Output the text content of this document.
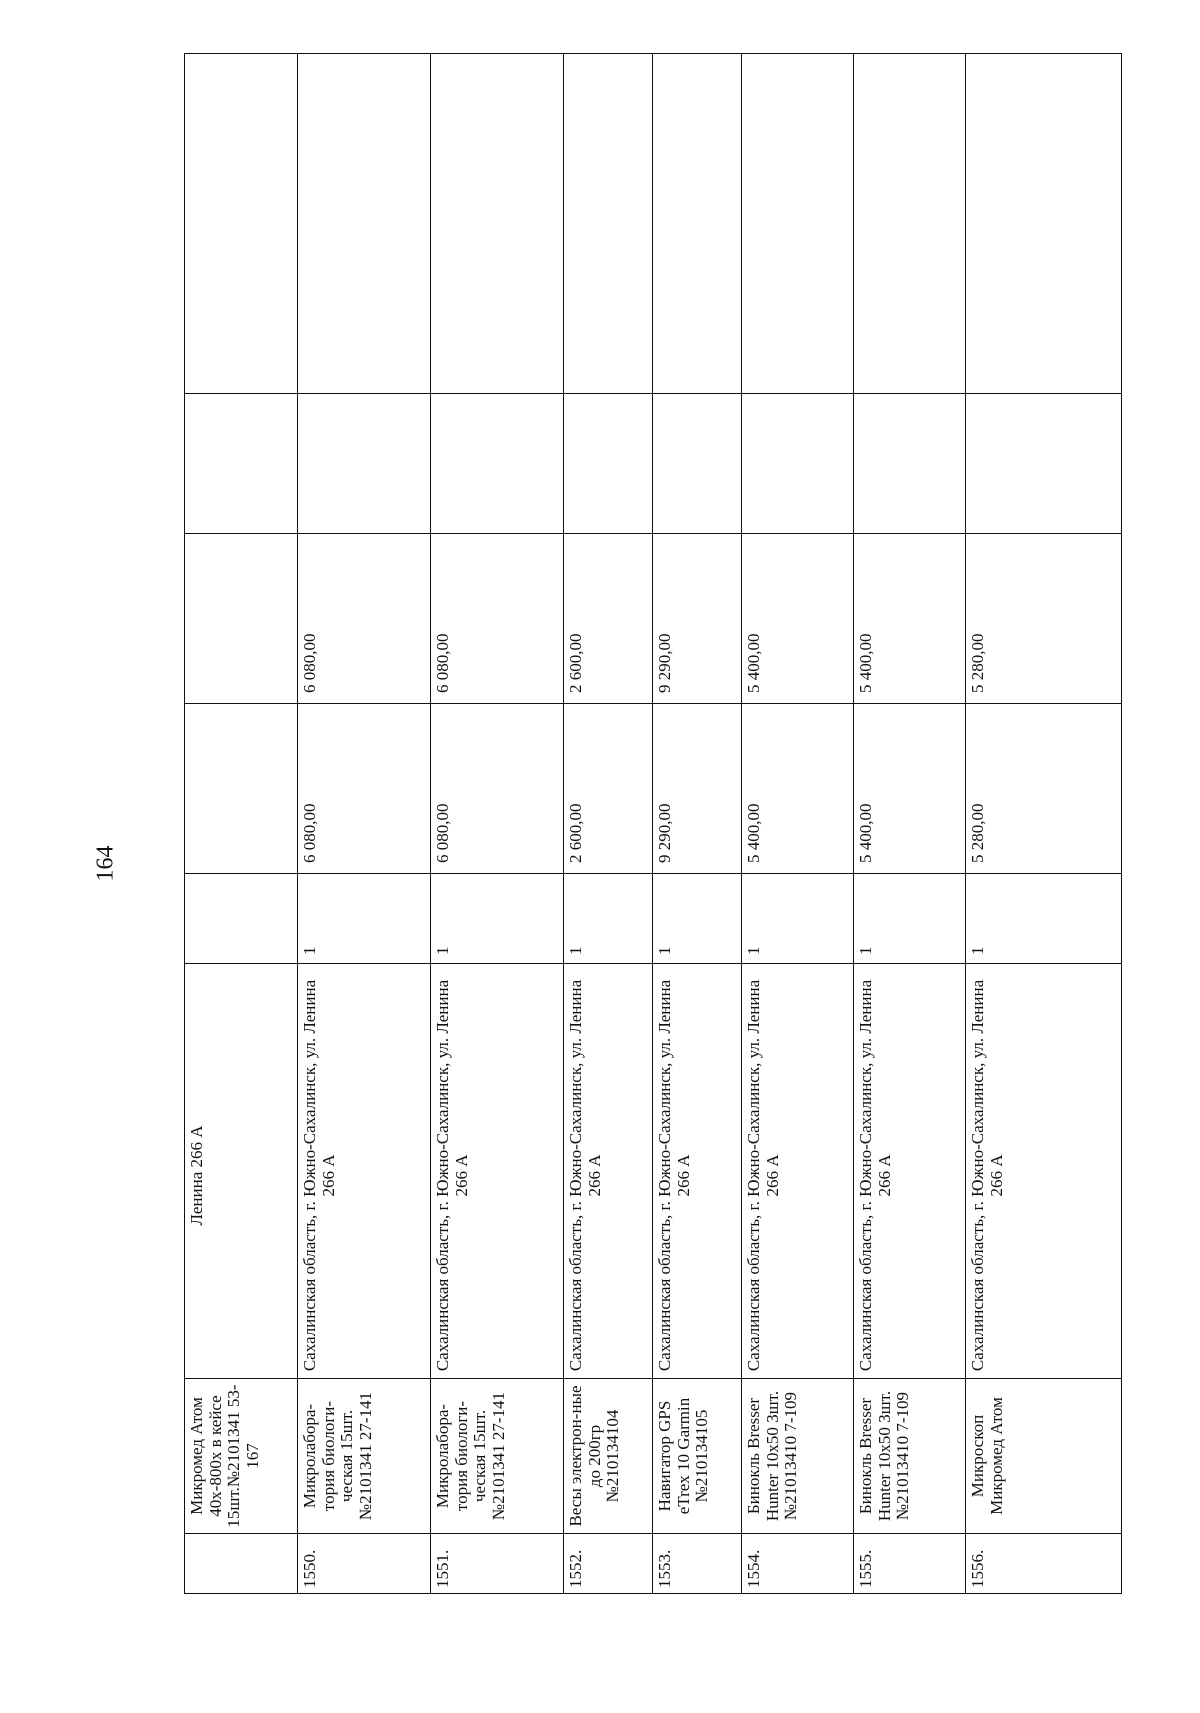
164
	Микромед Атом 40x-800x в кейсе 15шт.№2101341 53-167	Ленина 266 А					
1550.	Микролабора-тория биологи-ческая 15шт.№2101341 27-141	Сахалинская область, г. Южно-Сахалинск, ул. Ленина 266 А	1	6 080,00	6 080,00		
1551.	Микролабора-тория биологи-ческая 15шт.№2101341 27-141	Сахалинская область, г. Южно-Сахалинск, ул. Ленина 266 А	1	6 080,00	6 080,00		
1552.	Весы электрон-ные до 200гр №210134104	Сахалинская область, г. Южно-Сахалинск, ул. Ленина 266 А	1	2 600,00	2 600,00		
1553.	Навигатор GPS eTrex 10 Garmin №210134105	Сахалинская область, г. Южно-Сахалинск, ул. Ленина 266 А	1	9 290,00	9 290,00		
1554.	Бинокль Bresser Hunter 10x50 3шт.№21013410 7-109	Сахалинская область, г. Южно-Сахалинск, ул. Ленина 266 А	1	5 400,00	5 400,00		
1555.	Бинокль Bresser Hunter 10x50 3шт.№21013410 7-109	Сахалинская область, г. Южно-Сахалинск, ул. Ленина 266 А	1	5 400,00	5 400,00		
1556.	Микроскоп Микромед Атом	Сахалинская область, г. Южно-Сахалинск, ул. Ленина 266 А	1	5 280,00	5 280,00		
